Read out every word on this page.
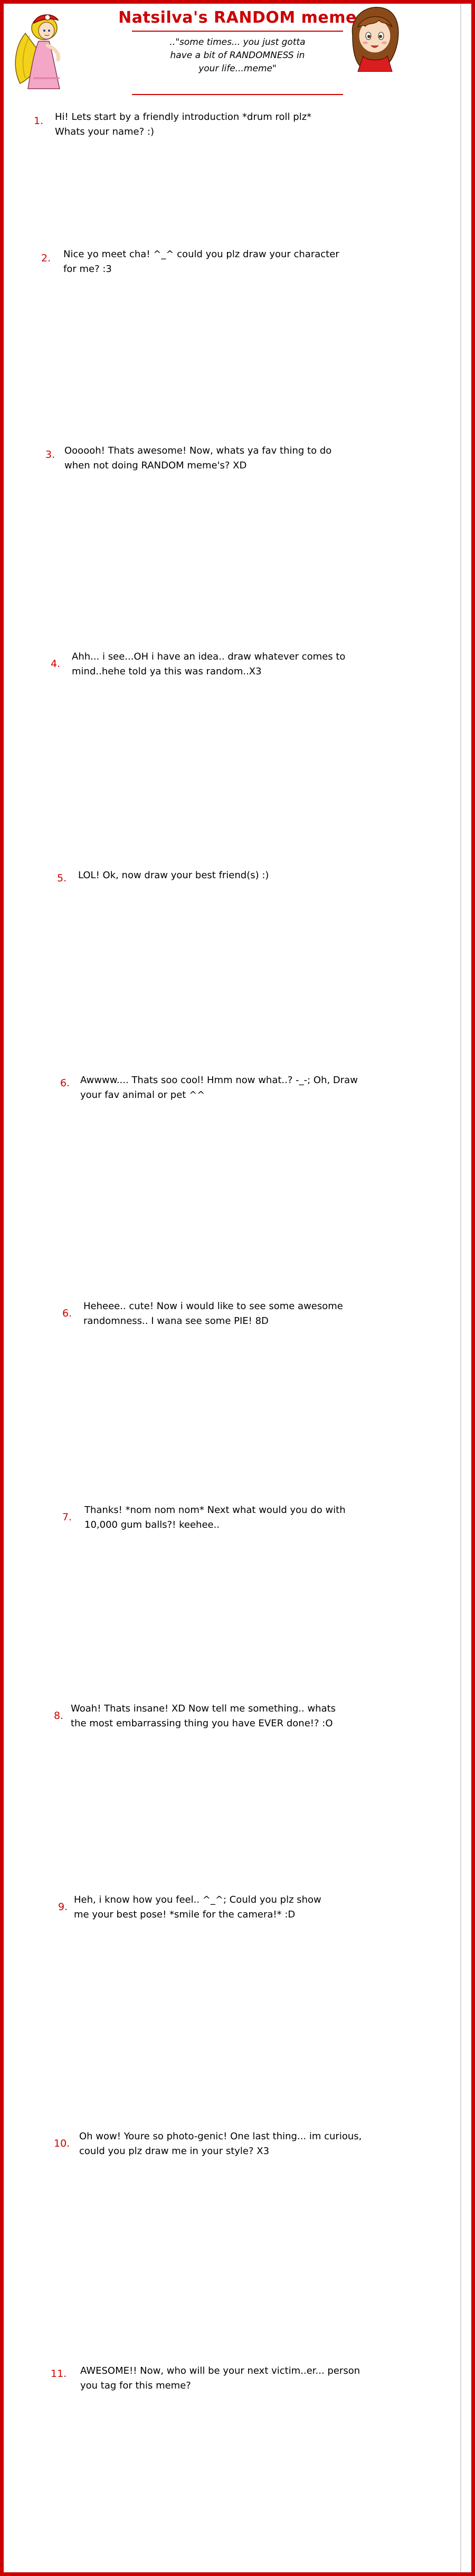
Natsilva's RANDOM meme
.."some times... you just gotta
have a bit of RANDOMNESS in
your life...meme"
1. Hi! Lets start by a friendly introduction *drum roll plz*
Whats your name? :)
2. Nice yo meet cha! ^_^ could you plz draw your character
for me? :3
3. Oooooh! Thats awesome! Now, whats ya fav thing to do
when not doing RANDOM meme's? XD
4.
Ahh... i see...OH i have an idea.. draw whatever comes to
mind..hehe told ya this was random..X3
5. LOL! Ok, now draw your best friend(s) :)
6. Awwww.... Thats soo cool! Hmm now what..? -_-; Oh, Draw
your fav animal or pet ^^
6.
Heheee.. cute! Now i would like to see some awesome
randomness.. I wana see some PIE! 8D
7.
Thanks! *nom nom nom* Next what would you do with
10,000 gum balls?! keehee..
8.
Woah! Thats insane! XD Now tell me something.. whats
the most embarrassing thing you have EVER done!? :O
9.
Heh, i know how you feel.. ^_^; Could you plz show
me your best pose! *smile for the camera!* :D
10.
Oh wow! Youre so photo-genic! One last thing... im curious,
could you plz draw me in your style? X3
11. AWESOME!! Now, who will be your next victim..er... person
you tag for this meme?
